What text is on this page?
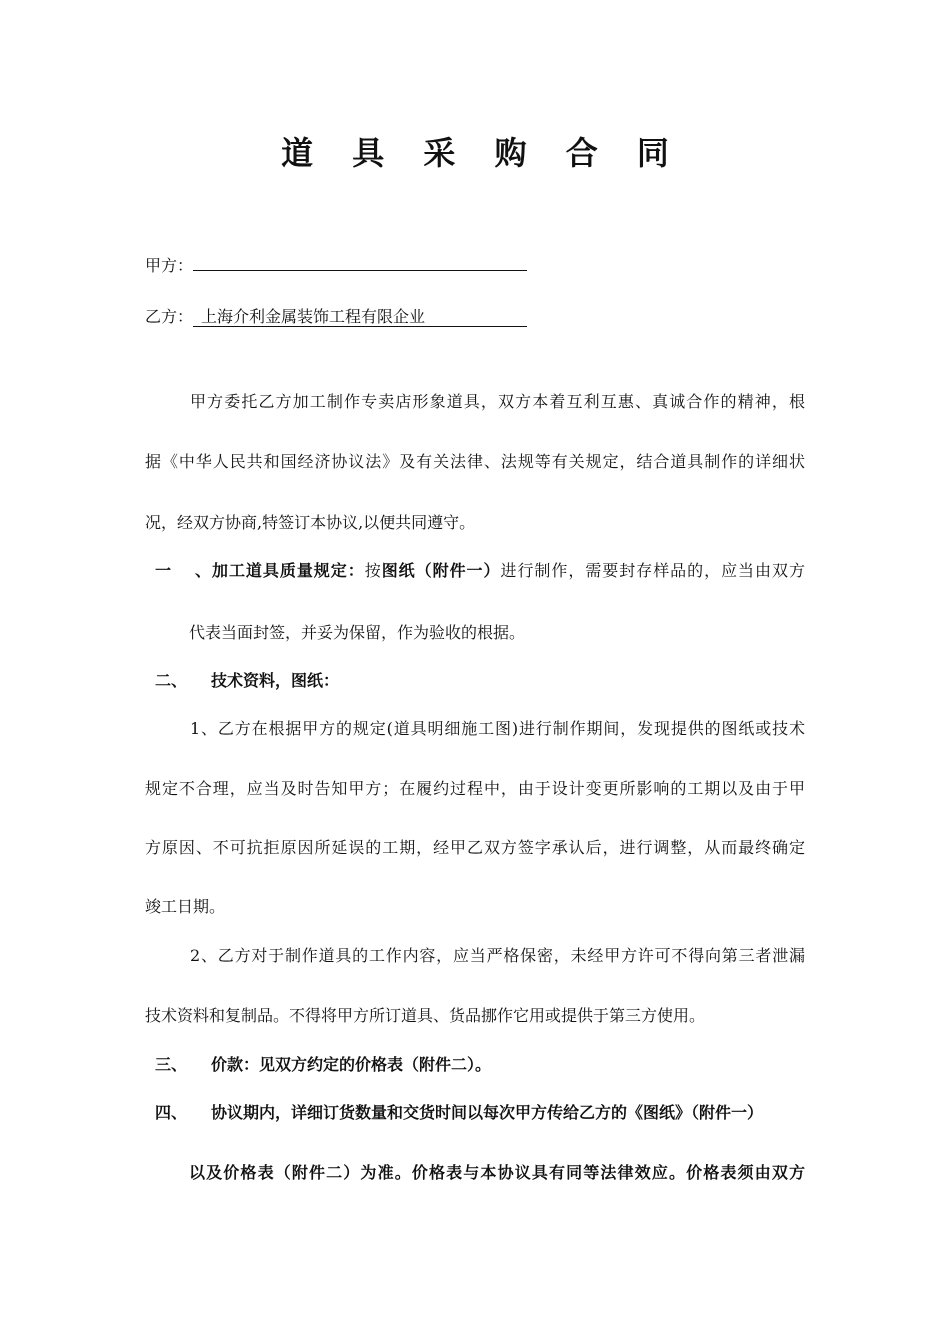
道 具 采 购 合 同
甲方：
乙方： 上海介利金属装饰工程有限企业
甲方委托乙方加工制作专卖店形象道具，双方本着互利互惠、真诚合作的精神，根
据《中华人民共和国经济协议法》及有关法律、法规等有关规定，结合道具制作的详细状
况，经双方协商,特签订本协议,以便共同遵守。
一、加工道具质量规定：按图纸（附件一）进行制作，需要封存样品的，应当由双方
代表当面封签，并妥为保留，作为验收的根据。
二、 技术资料，图纸：
1、乙方在根据甲方的规定(道具明细施工图)进行制作期间，发现提供的图纸或技术
规定不合理，应当及时告知甲方；在履约过程中，由于设计变更所影响的工期以及由于甲
方原因、不可抗拒原因所延误的工期，经甲乙双方签字承认后，进行调整，从而最终确定
竣工日期。
2、乙方对于制作道具的工作内容，应当严格保密，未经甲方许可不得向第三者泄漏
技术资料和复制品。不得将甲方所订道具、货品挪作它用或提供于第三方使用。
三、 价款：见双方约定的价格表（附件二）。
四、 协议期内，详细订货数量和交货时间以每次甲方传给乙方的《图纸》（附件一）
以及价格表（附件二）为准。价格表与本协议具有同等法律效应。价格表须由双方
